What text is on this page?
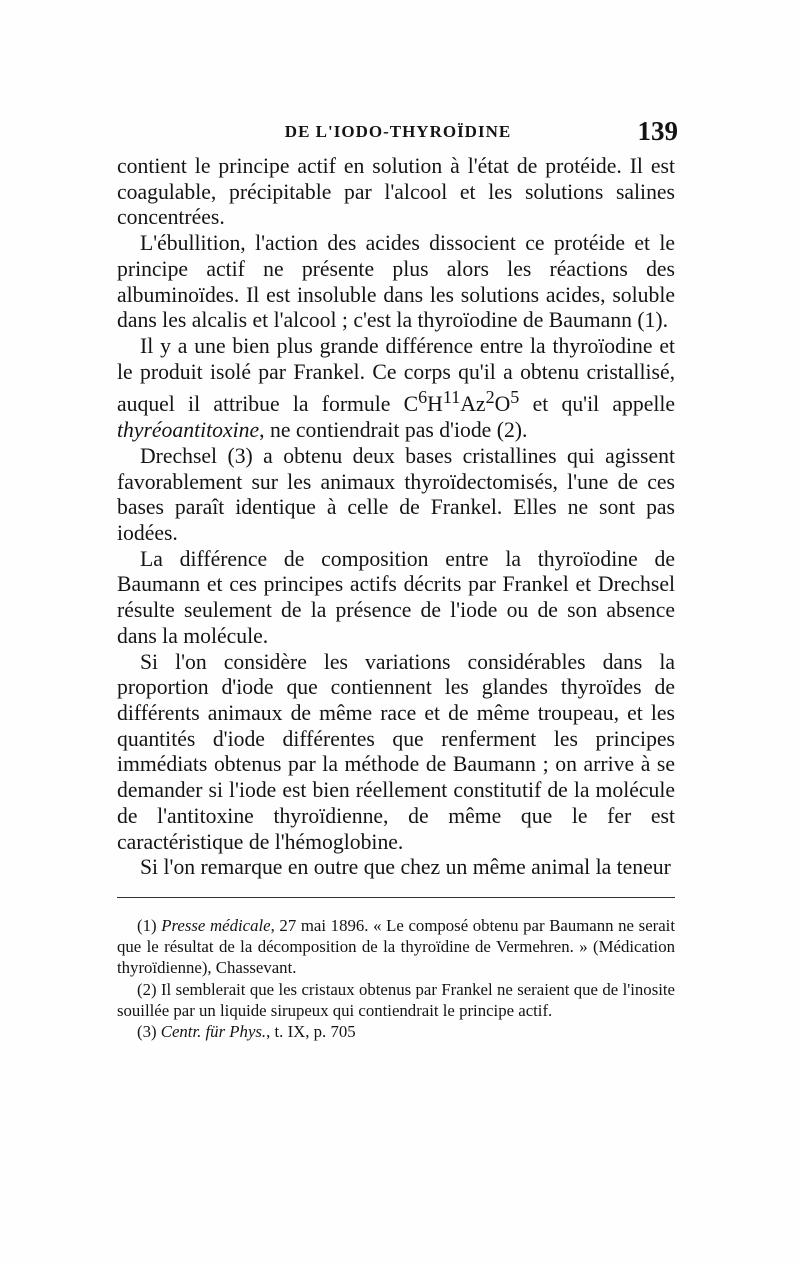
DE L'IODO-THYROÏDINE	139

contient le principe actif en solution à l'état de protéide. Il est coagulable, précipitable par l'alcool et les solutions salines concentrées.

L'ébullition, l'action des acides dissocient ce protéide et le principe actif ne présente plus alors les réactions des albuminoïdes. Il est insoluble dans les solutions acides, soluble dans les alcalis et l'alcool ; c'est la thyroïodine de Baumann (1).

Il y a une bien plus grande différence entre la thyroïodine et le produit isolé par Frankel. Ce corps qu'il a obtenu cristallisé, auquel il attribue la formule $C^6H^{11}Az^2O^5$ et qu'il appelle thyréoantitoxine, ne contiendrait pas d'iode (2).

Drechsel (3) a obtenu deux bases cristallines qui agissent favorablement sur les animaux thyroïdectomisés, l'une de ces bases paraît identique à celle de Frankel. Elles ne sont pas iodées.

La différence de composition entre la thyroïodine de Baumann et ces principes actifs décrits par Frankel et Drechsel résulte seulement de la présence de l'iode ou de son absence dans la molécule.

Si l'on considère les variations considérables dans la proportion d'iode que contiennent les glandes thyroïdes de différents animaux de même race et de même troupeau, et les quantités d'iode différentes que renferment les principes immédiats obtenus par la méthode de Baumann ; on arrive à se demander si l'iode est bien réellement constitutif de la molécule de l'antitoxine thyroïdienne, de même que le fer est caractéristique de l'hémoglobine.

Si l'on remarque en outre que chez un même animal la teneur

(1) Presse médicale, 27 mai 1896. « Le composé obtenu par Baumann ne serait que le résultat de la décomposition de la thyroïdine de Vermehren. » (Médication thyroïdienne), Chassevant.

(2) Il semblerait que les cristaux obtenus par Frankel ne seraient que de l'inosite souillée par un liquide sirupeux qui contiendrait le principe actif.

(3) Centr. für Phys., t. IX, p. 705
